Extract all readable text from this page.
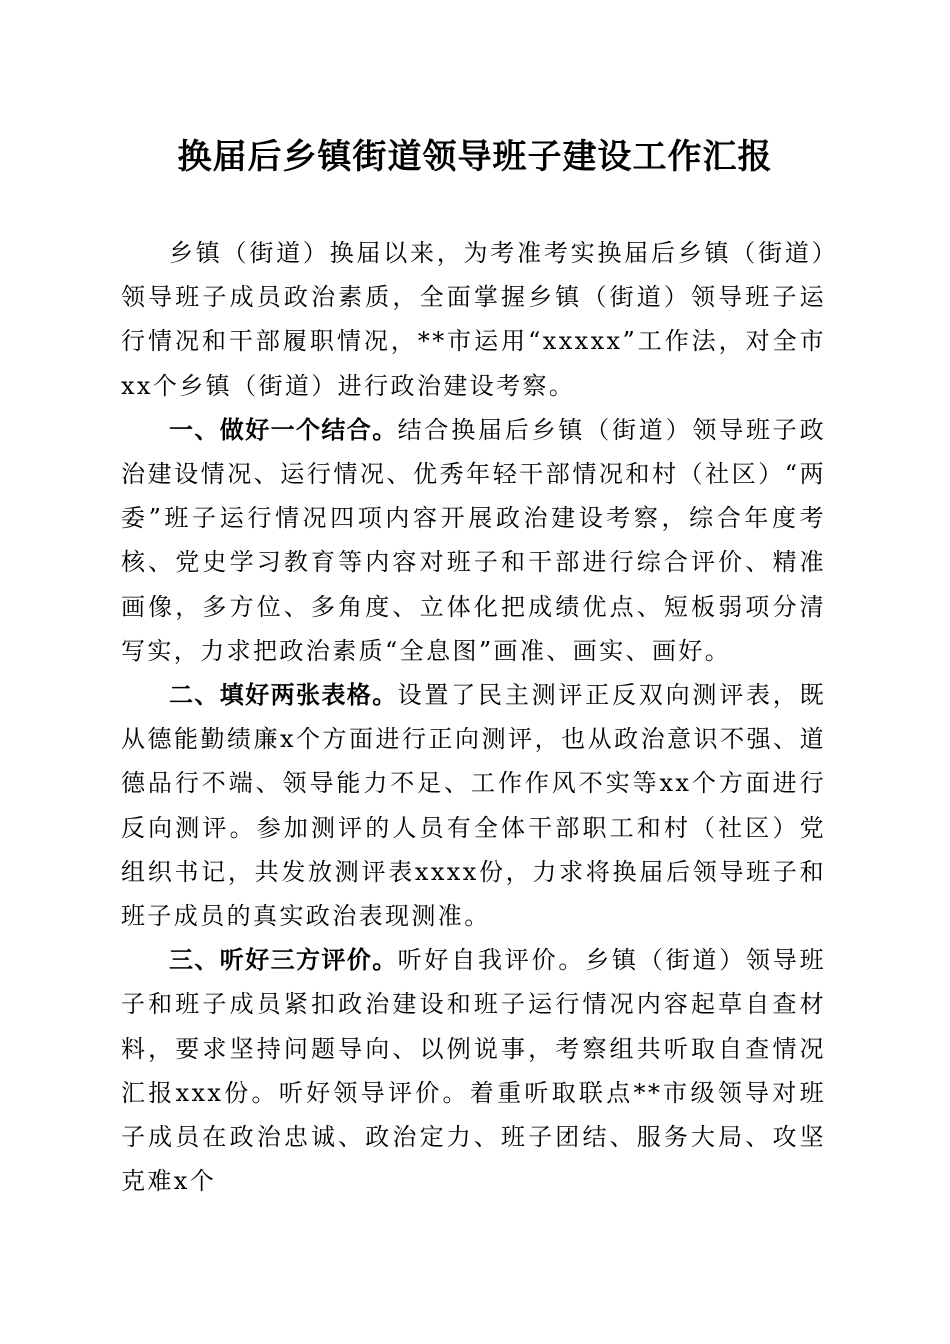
换届后乡镇街道领导班子建设工作汇报

乡镇（街道）换届以来，为考准考实换届后乡镇（街道）领导班子成员政治素质，全面掌握乡镇（街道）领导班子运行情况和干部履职情况，**市运用“xxxxx”工作法，对全市xx个乡镇（街道）进行政治建设考察。

一、做好一个结合。结合换届后乡镇（街道）领导班子政治建设情况、运行情况、优秀年轻干部情况和村（社区）“两委”班子运行情况四项内容开展政治建设考察，综合年度考核、党史学习教育等内容对班子和干部进行综合评价、精准画像，多方位、多角度、立体化把成绩优点、短板弱项分清写实，力求把政治素质“全息图”画准、画实、画好。

二、填好两张表格。设置了民主测评正反双向测评表，既从德能勤绩廉x个方面进行正向测评，也从政治意识不强、道德品行不端、领导能力不足、工作作风不实等xx个方面进行反向测评。参加测评的人员有全体干部职工和村（社区）党组织书记，共发放测评表xxxx份，力求将换届后领导班子和班子成员的真实政治表现测准。

三、听好三方评价。听好自我评价。乡镇（街道）领导班子和班子成员紧扣政治建设和班子运行情况内容起草自查材料，要求坚持问题导向、以例说事，考察组共听取自查情况汇报xxx份。听好领导评价。着重听取联点**市级领导对班子成员在政治忠诚、政治定力、班子团结、服务大局、攻坚克难x个
